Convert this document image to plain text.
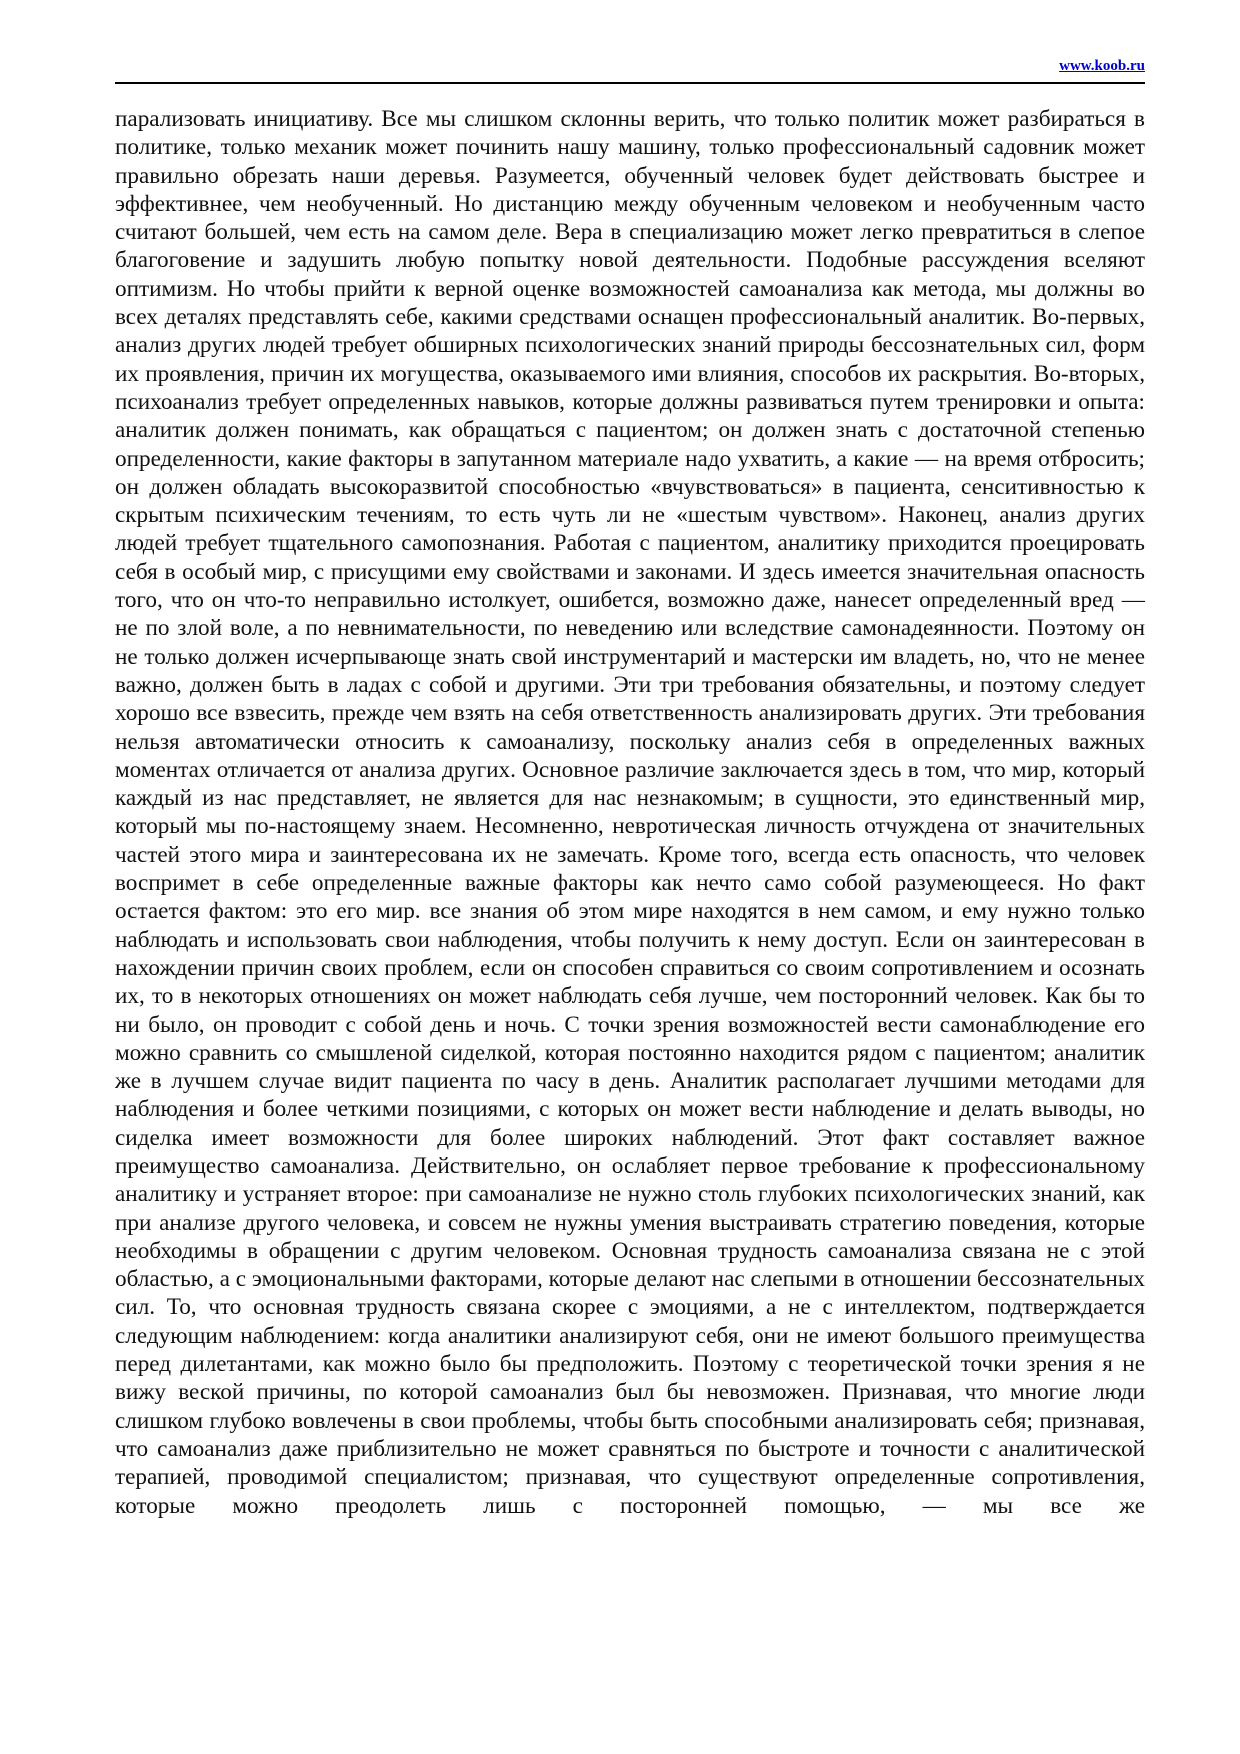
www.koob.ru

парализовать инициативу. Все мы слишком склонны верить, что только политик может разбираться в политике, только механик может починить нашу машину, только профессиональный садовник может правильно обрезать наши деревья. Разумеется, обученный человек будет действовать быстрее и эффективнее, чем необученный. Но дистанцию между обученным человеком и необученным часто считают большей, чем есть на самом деле. Вера в специализацию может легко превратиться в слепое благоговение и задушить любую попытку новой деятельности. Подобные рассуждения вселяют оптимизм. Но чтобы прийти к верной оценке возможностей самоанализа как метода, мы должны во всех деталях представлять себе, какими средствами оснащен профессиональный аналитик. Во-первых, анализ других людей требует обширных психологических знаний природы бессознательных сил, форм их проявления, причин их могущества, оказываемого ими влияния, способов их раскрытия. Во-вторых, психоанализ требует определенных навыков, которые должны развиваться путем тренировки и опыта: аналитик должен понимать, как обращаться с пациентом; он должен знать с достаточной степенью определенности, какие факторы в запутанном материале надо ухватить, а какие — на время отбросить; он должен обладать высокоразвитой способностью «вчувствоваться» в пациента, сенситивностью к скрытым психическим течениям, то есть чуть ли не «шестым чувством». Наконец, анализ других людей требует тщательного самопознания. Работая с пациентом, аналитику приходится проецировать себя в особый мир, с присущими ему свойствами и законами. И здесь имеется значительная опасность того, что он что-то неправильно истолкует, ошибется, возможно даже, нанесет определенный вред — не по злой воле, а по невнимательности, по неведению или вследствие самонадеянности. Поэтому он не только должен исчерпывающе знать свой инструментарий и мастерски им владеть, но, что не менее важно, должен быть в ладах с собой и другими. Эти три требования обязательны, и поэтому следует хорошо все взвесить, прежде чем взять на себя ответственность анализировать других. Эти требования нельзя автоматически относить к самоанализу, поскольку анализ себя в определенных важных моментах отличается от анализа других. Основное различие заключается здесь в том, что мир, который каждый из нас представляет, не является для нас незнакомым; в сущности, это единственный мир, который мы по-настоящему знаем. Несомненно, невротическая личность отчуждена от значительных частей этого мира и заинтересована их не замечать. Кроме того, всегда есть опасность, что человек воспримет в себе определенные важные факторы как нечто само собой разумеющееся. Но факт остается фактом: это его мир. все знания об этом мире находятся в нем самом, и ему нужно только наблюдать и использовать свои наблюдения, чтобы получить к нему доступ. Если он заинтересован в нахождении причин своих проблем, если он способен справиться со своим сопротивлением и осознать их, то в некоторых отношениях он может наблюдать себя лучше, чем посторонний человек. Как бы то ни было, он проводит с собой день и ночь. С точки зрения возможностей вести самонаблюдение его можно сравнить со смышленой сиделкой, которая постоянно находится рядом с пациентом; аналитик же в лучшем случае видит пациента по часу в день. Аналитик располагает лучшими методами для наблюдения и более четкими позициями, с которых он может вести наблюдение и делать выводы, но сиделка имеет возможности для более широких наблюдений. Этот факт составляет важное преимущество самоанализа. Действительно, он ослабляет первое требование к профессиональному аналитику и устраняет второе: при самоанализе не нужно столь глубоких психологических знаний, как при анализе другого человека, и совсем не нужны умения выстраивать стратегию поведения, которые необходимы в обращении с другим человеком. Основная трудность самоанализа связана не с этой областью, а с эмоциональными факторами, которые делают нас слепыми в отношении бессознательных сил. То, что основная трудность связана скорее с эмоциями, а не с интеллектом, подтверждается следующим наблюдением: когда аналитики анализируют себя, они не имеют большого преимущества перед дилетантами, как можно было бы предположить. Поэтому с теоретической точки зрения я не вижу веской причины, по которой самоанализ был бы невозможен. Признавая, что многие люди слишком глубоко вовлечены в свои проблемы, чтобы быть способными анализировать себя; признавая, что самоанализ даже приблизительно не может сравняться по быстроте и точности с аналитической терапией, проводимой специалистом; признавая, что существуют определенные сопротивления, которые можно преодолеть лишь с посторонней помощью, — мы все же
